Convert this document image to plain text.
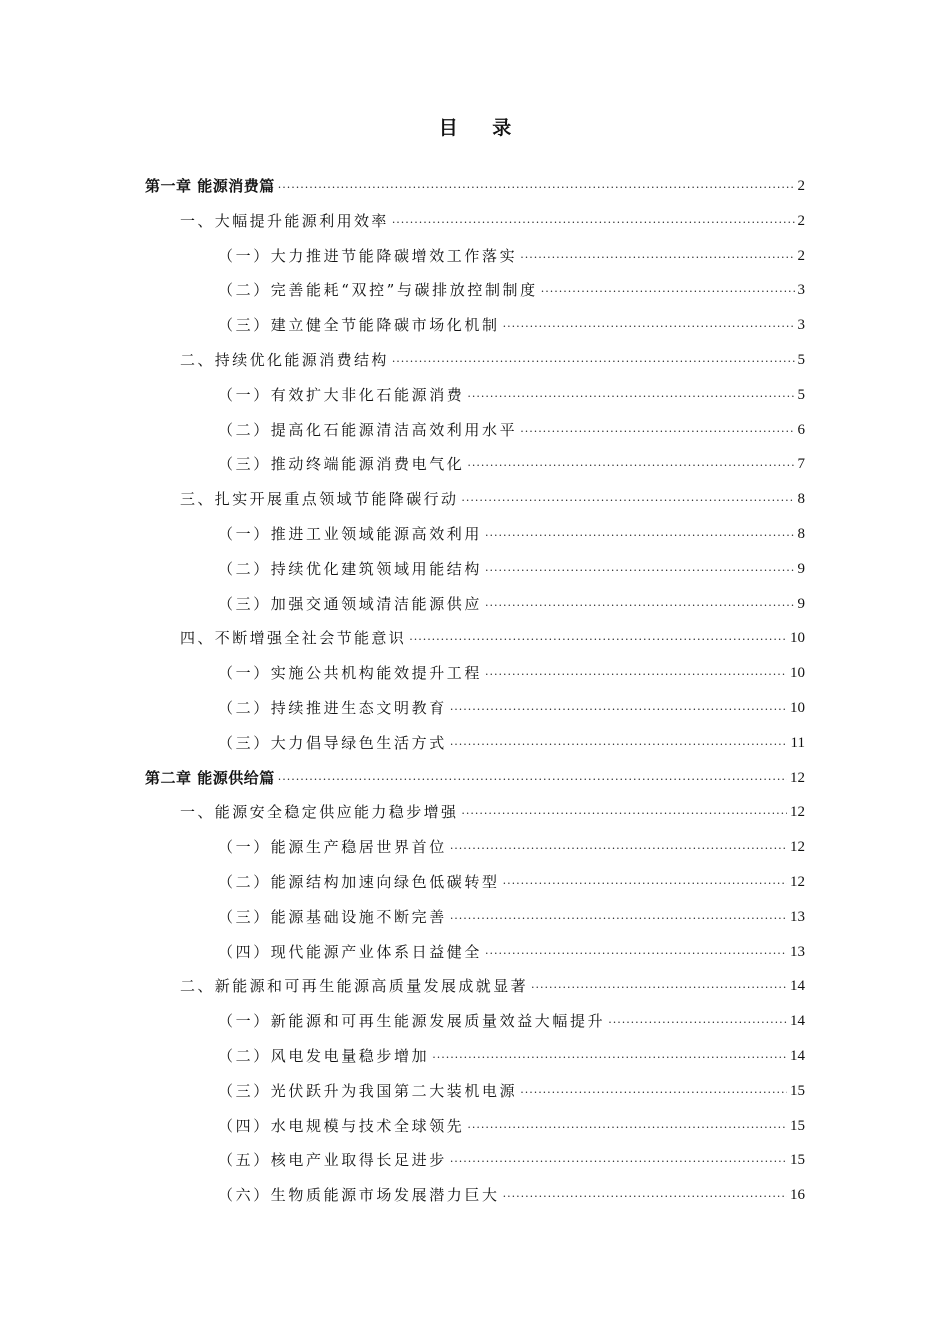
目 录
第一章 能源消费篇 .....	2
一、大幅提升能源利用效率 .....	2
（一）大力推进节能降碳增效工作落实 .....	2
（二）完善能耗“双控”与碳排放控制制度 .....	3
（三）建立健全节能降碳市场化机制 .....	3
二、持续优化能源消费结构 .....	5
（一）有效扩大非化石能源消费 .....	5
（二）提高化石能源清洁高效利用水平 .....	6
（三）推动终端能源消费电气化 .....	7
三、扎实开展重点领域节能降碳行动 .....	8
（一）推进工业领域能源高效利用 .....	8
（二）持续优化建筑领域用能结构 .....	9
（三）加强交通领域清洁能源供应 .....	9
四、不断增强全社会节能意识 .....	10
（一）实施公共机构能效提升工程 .....	10
（二）持续推进生态文明教育 .....	10
（三）大力倡导绿色生活方式 .....	11
第二章 能源供给篇 .....	12
一、能源安全稳定供应能力稳步增强 .....	12
（一）能源生产稳居世界首位 .....	12
（二）能源结构加速向绿色低碳转型 .....	12
（三）能源基础设施不断完善 .....	13
（四）现代能源产业体系日益健全 .....	13
二、新能源和可再生能源高质量发展成就显著 .....	14
（一）新能源和可再生能源发展质量效益大幅提升 .....	14
（二）风电发电量稳步增加 .....	14
（三）光伏跃升为我国第二大装机电源 .....	15
（四）水电规模与技术全球领先 .....	15
（五）核电产业取得长足进步 .....	15
（六）生物质能源市场发展潜力巨大 .....	16
